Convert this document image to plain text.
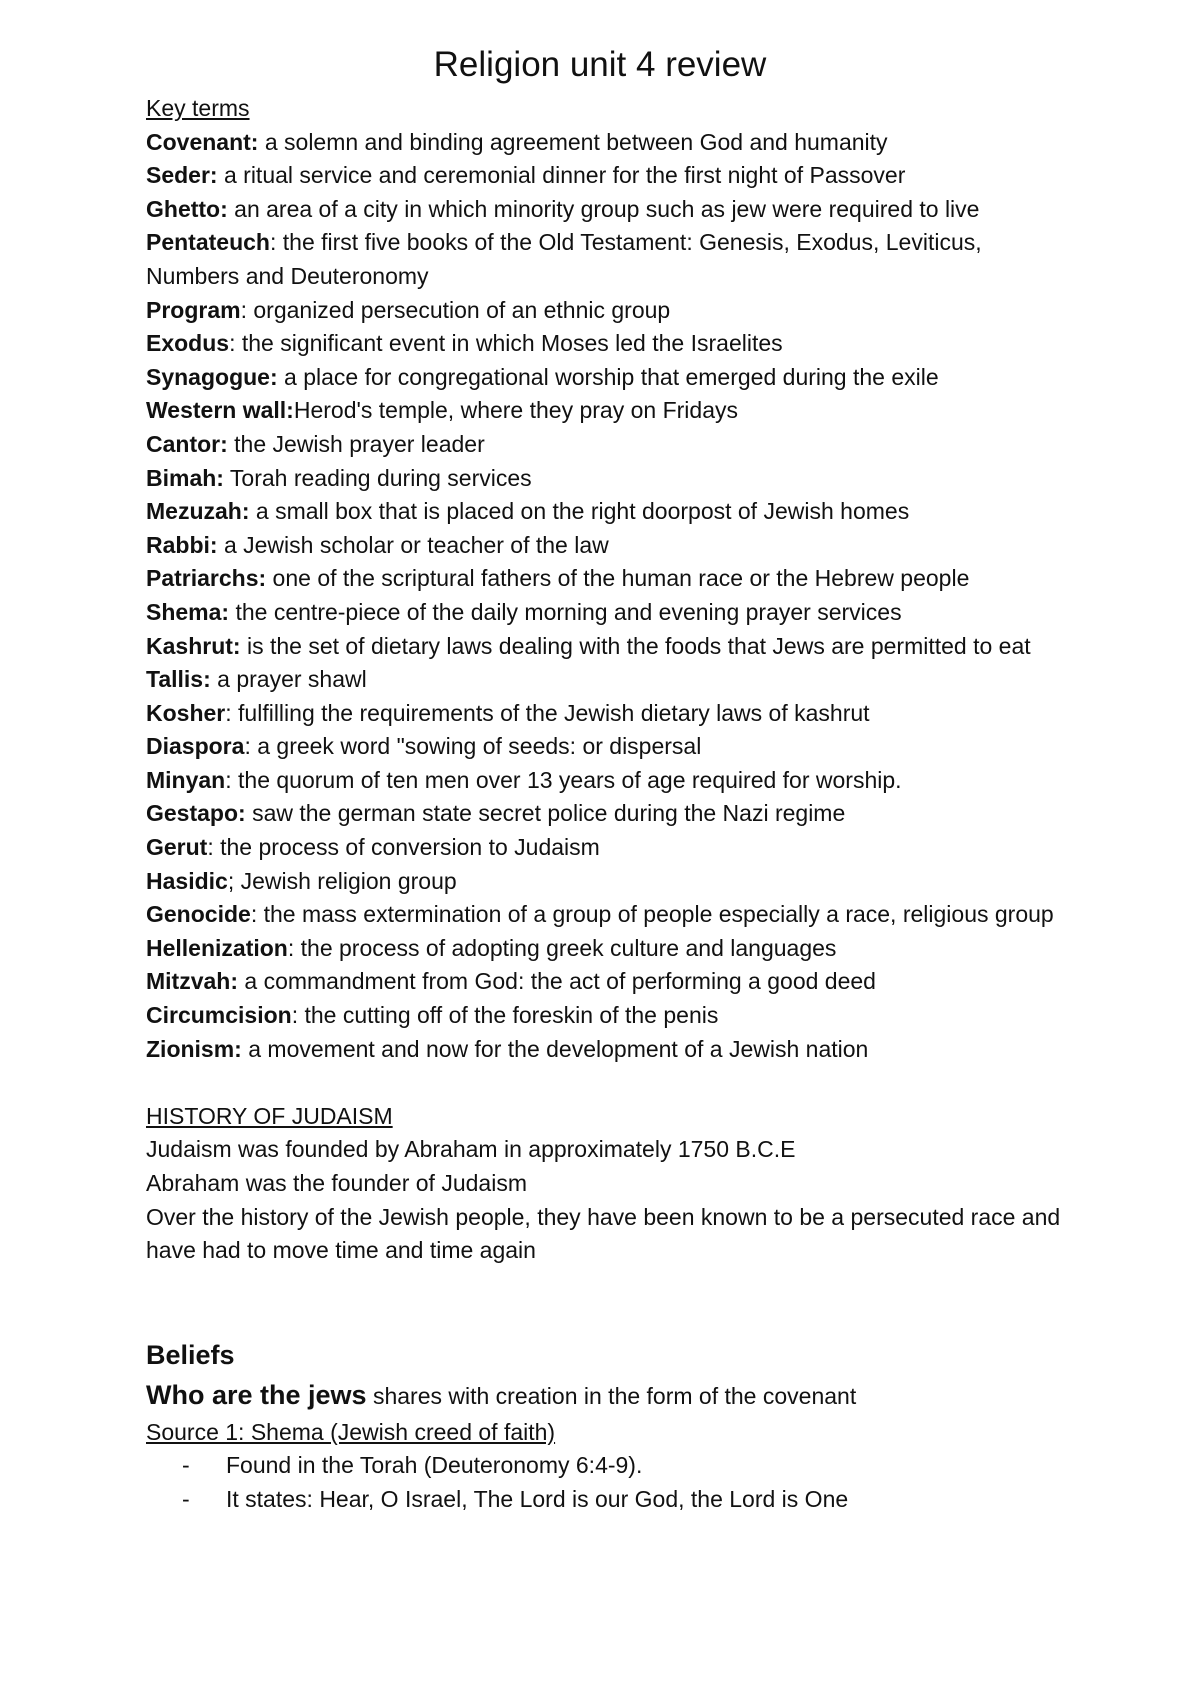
Religion unit 4 review

Key terms

Covenant: a solemn and binding agreement between God and humanity

Seder: a ritual service and ceremonial dinner for the first night of Passover

Ghetto: an area of a city in which minority group such as jew were required to live

Pentateuch: the first five books of the Old Testament: Genesis, Exodus, Leviticus, Numbers and Deuteronomy

Program: organized persecution of an ethnic group

Exodus: the significant event in which Moses led the Israelites

Synagogue: a place for congregational worship that emerged during the exile

Western wall:Herod's temple, where they pray on Fridays

Cantor: the Jewish prayer leader

Bimah: Torah reading during services

Mezuzah: a small box that is placed on the right doorpost of Jewish homes

Rabbi: a Jewish scholar or teacher of the law

Patriarchs: one of the scriptural fathers of the human race or the Hebrew people

Shema: the centre-piece of the daily morning and evening prayer services

Kashrut: is the set of dietary laws dealing with the foods that Jews are permitted to eat

Tallis: a prayer shawl

Kosher: fulfilling the requirements of the Jewish dietary laws of kashrut

Diaspora: a greek word "sowing of seeds: or dispersal

Minyan: the quorum of ten men over 13 years of age required for worship.

Gestapo: saw the german state secret police during the Nazi regime

Gerut: the process of conversion to Judaism

Hasidic; Jewish religion group

Genocide: the mass extermination of a group of people especially a race, religious group

Hellenization: the process of adopting greek culture and languages

Mitzvah: a commandment from God: the act of performing a good deed

Circumcision: the cutting off of the foreskin of the penis

Zionism: a movement and now for the development of a Jewish nation

HISTORY OF JUDAISM

Judaism was founded by Abraham in approximately 1750 B.C.E

Abraham was the founder of Judaism

Over the history of the Jewish people, they have been known to be a persecuted race and have had to move time and time again

Beliefs

Who are the jews shares with creation in the form of the covenant

Source 1: Shema (Jewish creed of faith)

- Found in the Torah (Deuteronomy 6:4-9).
- It states: Hear, O Israel, The Lord is our God, the Lord is One
